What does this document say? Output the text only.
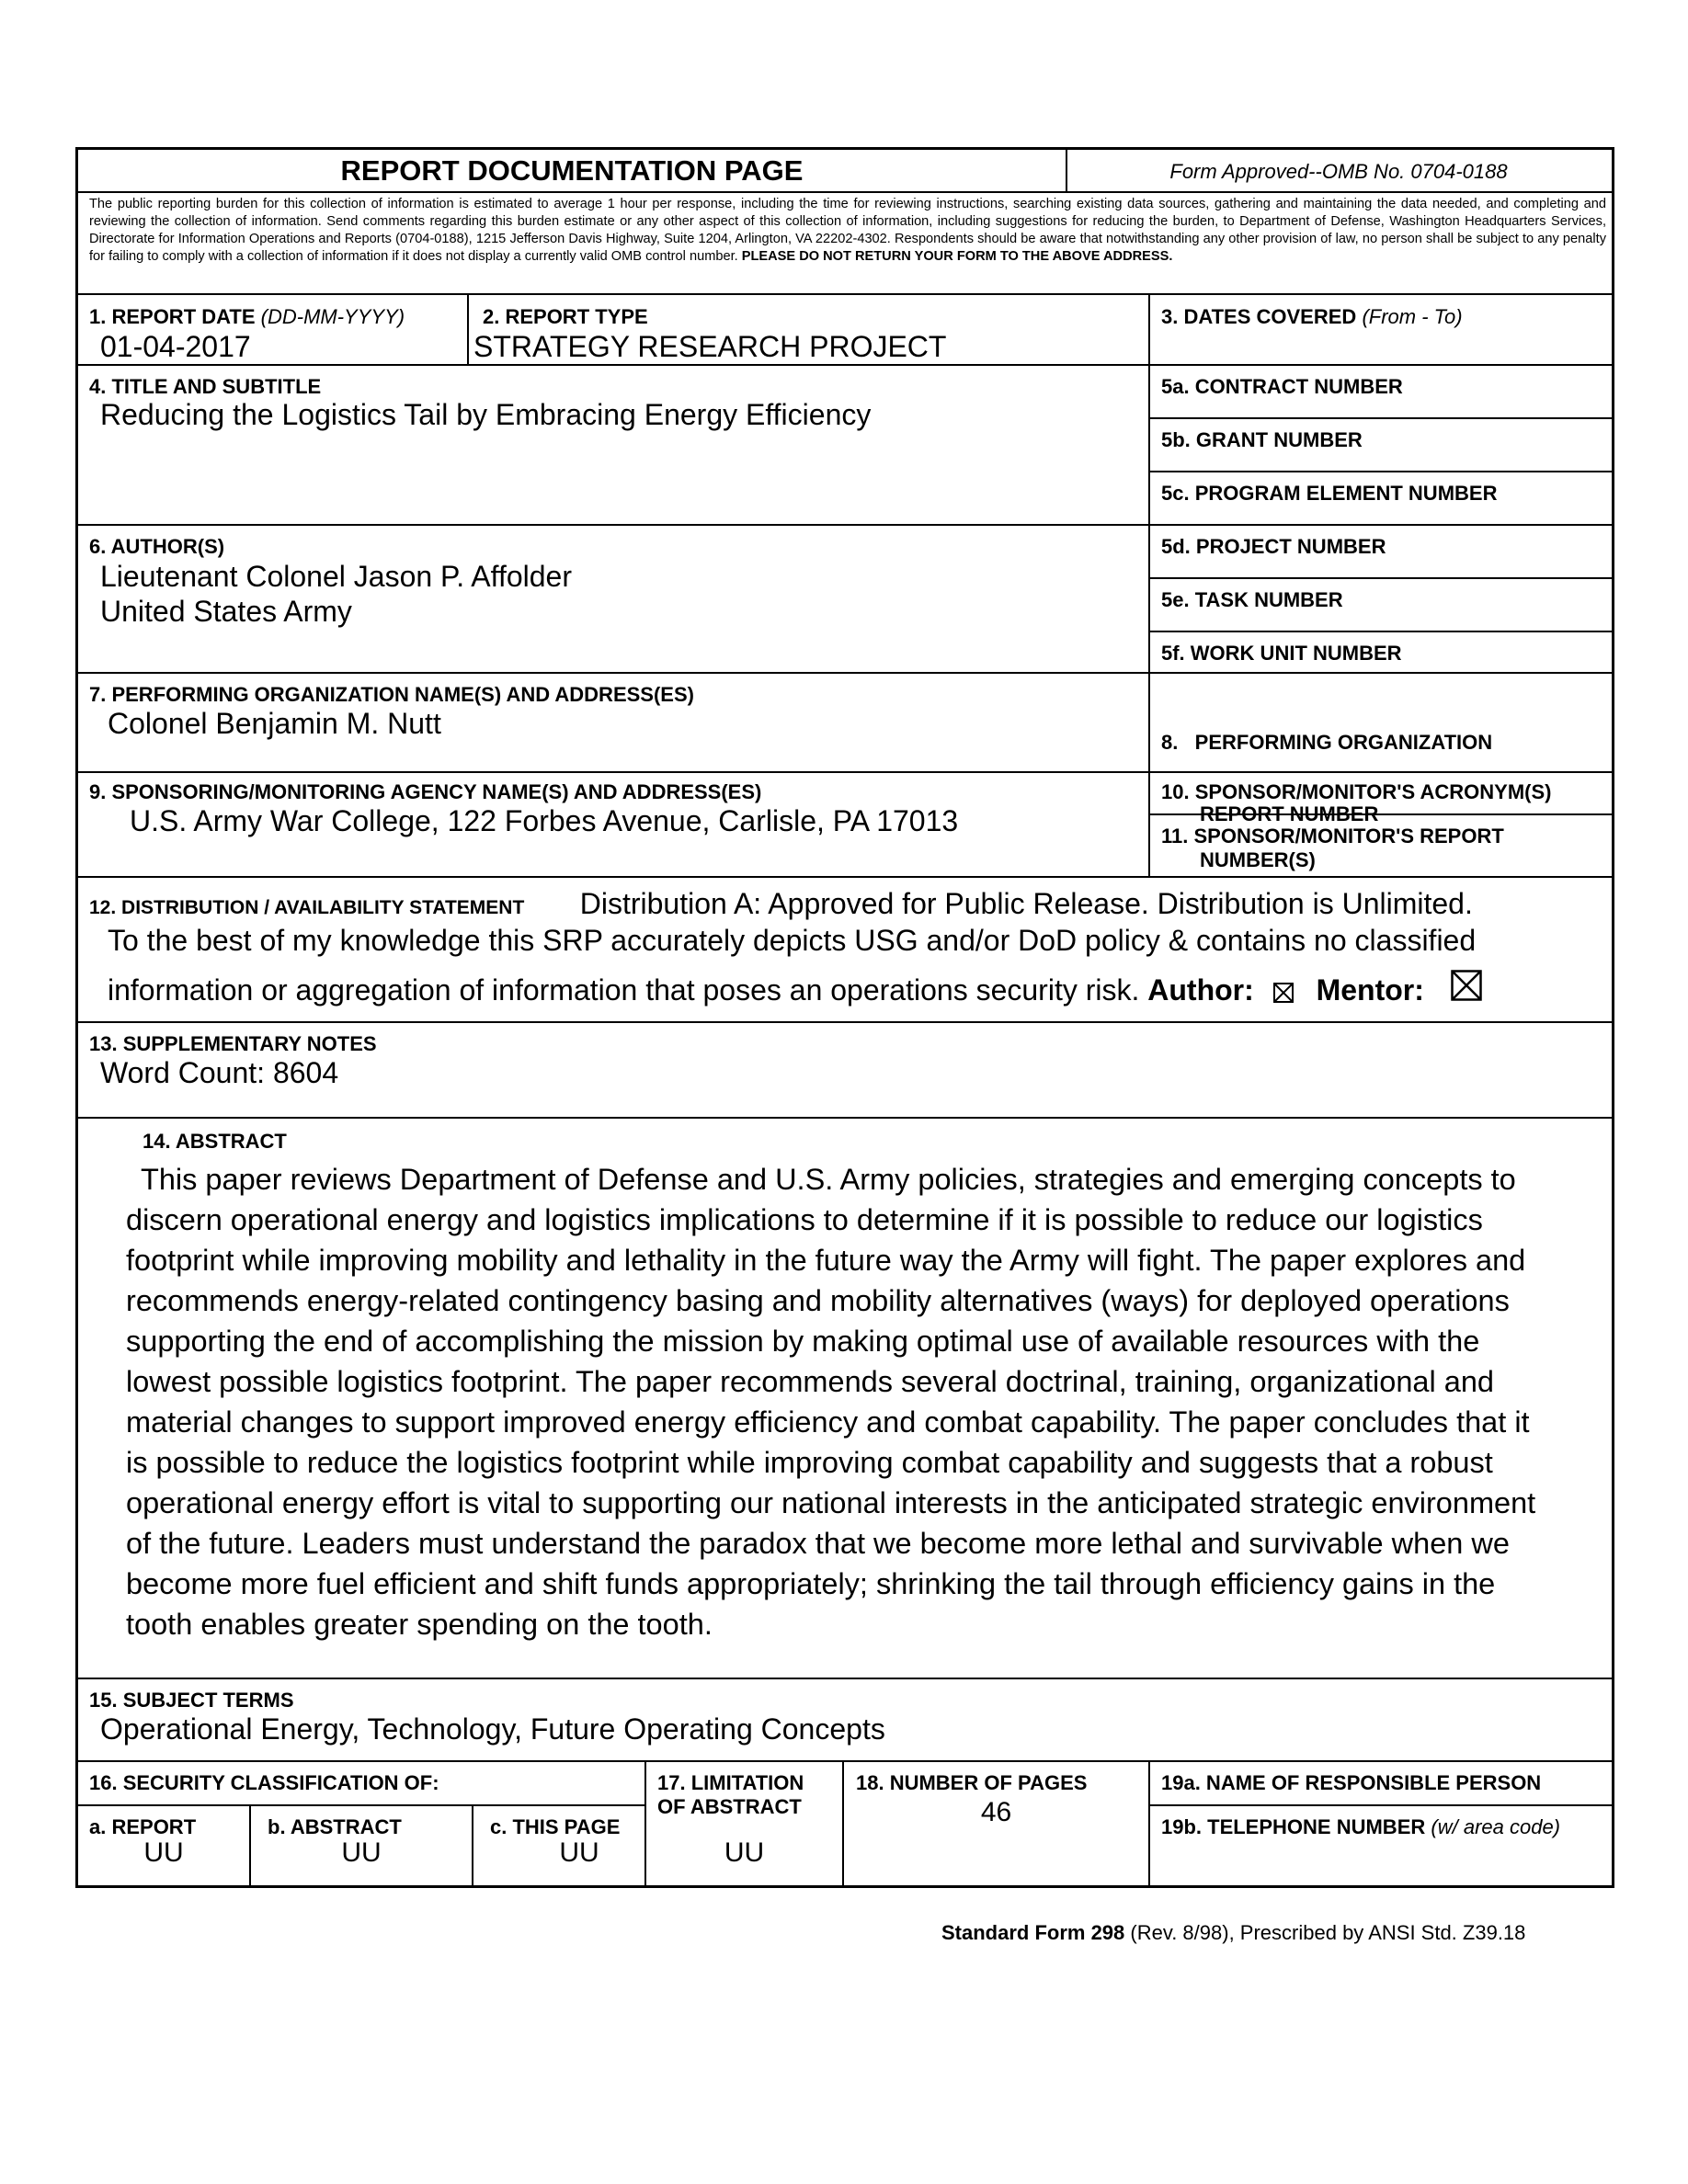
REPORT DOCUMENTATION PAGE	Form Approved--OMB No. 0704-0188
The public reporting burden for this collection of information is estimated to average 1 hour per response, including the time for reviewing instructions, searching existing data sources, gathering and maintaining the data needed, and completing and reviewing the collection of information. Send comments regarding this burden estimate or any other aspect of this collection of information, including suggestions for reducing the burden, to Department of Defense, Washington Headquarters Services, Directorate for Information Operations and Reports (0704-0188), 1215 Jefferson Davis Highway, Suite 1204, Arlington, VA 22202-4302. Respondents should be aware that notwithstanding any other provision of law, no person shall be subject to any penalty for failing to comply with a collection of information if it does not display a currently valid OMB control number. PLEASE DO NOT RETURN YOUR FORM TO THE ABOVE ADDRESS.
1. REPORT DATE (DD-MM-YYYY)
01-04-2017
2. REPORT TYPE
STRATEGY RESEARCH PROJECT
3. DATES COVERED (From - To)
4. TITLE AND SUBTITLE
Reducing the Logistics Tail by Embracing Energy Efficiency
5a. CONTRACT NUMBER
5b. GRANT NUMBER
5c. PROGRAM ELEMENT NUMBER
6. AUTHOR(S)
Lieutenant Colonel Jason P. Affolder
United States Army
5d. PROJECT NUMBER
5e. TASK NUMBER
5f. WORK UNIT NUMBER
7. PERFORMING ORGANIZATION NAME(S) AND ADDRESS(ES)
Colonel Benjamin M. Nutt

8.   PERFORMING ORGANIZATION

REPORT NUMBER

9. SPONSORING/MONITORING AGENCY NAME(S) AND ADDRESS(ES)
U.S. Army War College, 122 Forbes Avenue, Carlisle, PA 17013
10. SPONSOR/MONITOR'S ACRONYM(S)
11. SPONSOR/MONITOR'S REPORT
NUMBER(S)
12. DISTRIBUTION / AVAILABILITY STATEMENT Distribution A: Approved for Public Release. Distribution is Unlimited.
To the best of my knowledge this SRP accurately depicts USG and/or DoD policy & contains no classified
information or aggregation of information that poses an operations security risk. Author: Mentor:
13. SUPPLEMENTARY NOTES
Word Count: 8604
14. ABSTRACT
This paper reviews Department of Defense and U.S. Army policies, strategies and emerging concepts to
discern operational energy and logistics implications to determine if it is possible to reduce our logistics
footprint while improving mobility and lethality in the future way the Army will fight. The paper explores and
recommends energy-related contingency basing and mobility alternatives (ways) for deployed operations
supporting the end of accomplishing the mission by making optimal use of available resources with the
lowest possible logistics footprint. The paper recommends several doctrinal, training, organizational and
material changes to support improved energy efficiency and combat capability. The paper concludes that it
is possible to reduce the logistics footprint while improving combat capability and suggests that a robust
operational energy effort is vital to supporting our national interests in the anticipated strategic environment
of the future. Leaders must understand the paradox that we become more lethal and survivable when we
become more fuel efficient and shift funds appropriately; shrinking the tail through efficiency gains in the
tooth enables greater spending on the tooth.
15. SUBJECT TERMS
Operational Energy, Technology, Future Operating Concepts
16. SECURITY CLASSIFICATION OF:
a. REPORT
UU
b. ABSTRACT
UU
c. THIS PAGE
UU
17. LIMITATION
OF ABSTRACT
UU
18. NUMBER OF PAGES
46
19a. NAME OF RESPONSIBLE PERSON
19b. TELEPHONE NUMBER (w/ area code)
Standard Form 298 (Rev. 8/98), Prescribed by ANSI Std. Z39.18
